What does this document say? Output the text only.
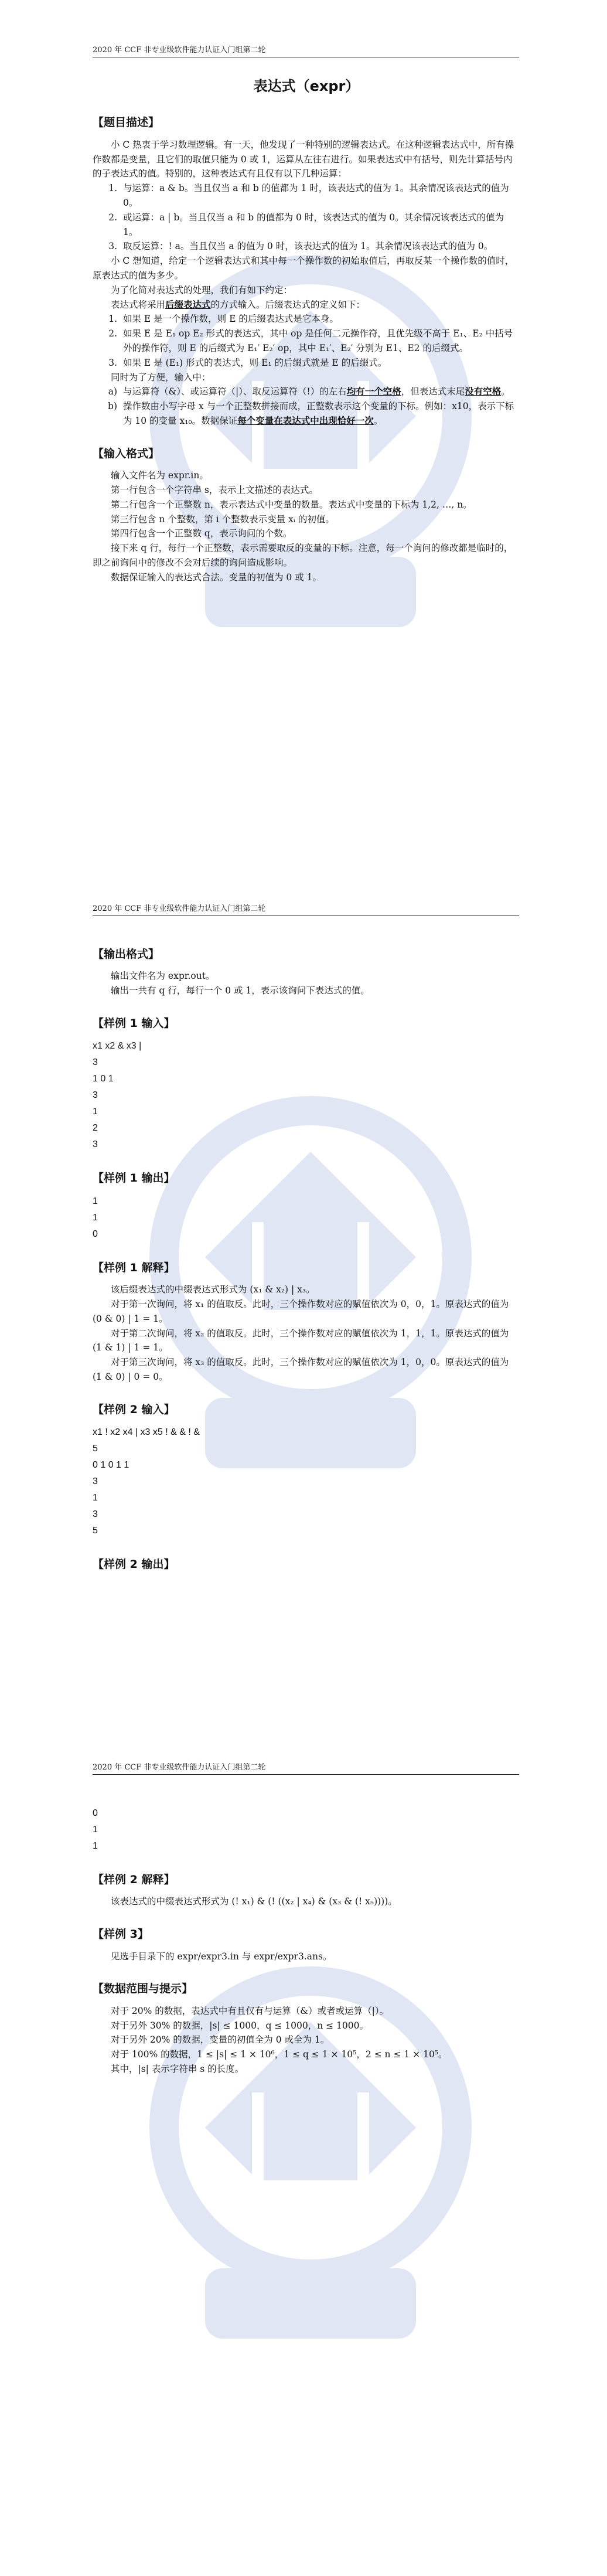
2020 年 CCF 非专业级软件能力认证入门组第二轮
表达式（expr）
【题目描述】

小 C 热衷于学习数理逻辑。有一天，他发现了一种特别的逻辑表达式。在这种逻辑表达式中，所有操作数都是变量，且它们的取值只能为 0 或 1，运算从左往右进行。如果表达式中有括号，则先计算括号内的子表达式的值。特别的，这种表达式有且仅有以下几种运算：

1. 与运算：a & b。当且仅当 a 和 b 的值都为 1 时，该表达式的值为 1。其余情况该表达式的值为 0。
2. 或运算：a | b。当且仅当 a 和 b 的值都为 0 时，该表达式的值为 0。其余情况该表达式的值为 1。
3. 取反运算：! a。当且仅当 a 的值为 0 时，该表达式的值为 1。其余情况该表达式的值为 0。

小 C 想知道，给定一个逻辑表达式和其中每一个操作数的初始取值后，再取反某一个操作数的值时，原表达式的值为多少。

为了化简对表达式的处理，我们有如下约定：

表达式将采用后缀表达式的方式输入。后缀表达式的定义如下：

1. 如果 E 是一个操作数，则 E 的后缀表达式是它本身。
2. 如果 E 是 E₁ op E₂ 形式的表达式，其中 op 是任何二元操作符，且优先级不高于 E₁、E₂ 中括号外的操作符，则 E 的后缀式为 E₁′ E₂′ op，其中 E₁′、E₂′ 分别为 E1、E2 的后缀式。
3. 如果 E 是 (E₁) 形式的表达式，则 E₁ 的后缀式就是 E 的后缀式。

同时为了方便，输入中：

a) 与运算符（&）、或运算符（|）、取反运算符（!）的左右均有一个空格，但表达式末尾没有空格。
b) 操作数由小写字母 x 与一个正整数拼接而成，正整数表示这个变量的下标。例如：x10，表示下标为 10 的变量 x₁₀。数据保证每个变量在表达式中出现恰好一次。
【输入格式】

输入文件名为 expr.in。

第一行包含一个字符串 s，表示上文描述的表达式。

第二行包含一个正整数 n，表示表达式中变量的数量。表达式中变量的下标为 1,2, …, n。

第三行包含 n 个整数，第 i 个整数表示变量 xᵢ 的初值。

第四行包含一个正整数 q，表示询问的个数。

接下来 q 行，每行一个正整数，表示需要取反的变量的下标。注意，每一个询问的修改都是临时的，即之前询问中的修改不会对后续的询问造成影响。

数据保证输入的表达式合法。变量的初值为 0 或 1。

2020 年 CCF 非专业级软件能力认证入门组第二轮
【输出格式】

输出文件名为 expr.out。

输出一共有 q 行，每行一个 0 或 1，表示该询问下表达式的值。

【样例 1 输入】

x1 x2 & x3 |

3

1 0 1

3

1

2

3

【样例 1 输出】

1

1

0

【样例 1 解释】

该后缀表达式的中缀表达式形式为 (x₁ & x₂) | x₃。

对于第一次询问，将 x₁ 的值取反。此时，三个操作数对应的赋值依次为 0，0，1。原表达式的值为 (0 & 0) | 1 = 1。

对于第二次询问，将 x₂ 的值取反。此时，三个操作数对应的赋值依次为 1，1，1。原表达式的值为 (1 & 1) | 1 = 1。

对于第三次询问，将 x₃ 的值取反。此时，三个操作数对应的赋值依次为 1，0，0。原表达式的值为 (1 & 0) | 0 = 0。

【样例 2 输入】

x1 ! x2 x4 | x3 x5 ! & & ! &

5

0 1 0 1 1

3

1

3

5

【样例 2 输出】
2020 年 CCF 非专业级软件能力认证入门组第二轮

0

1

1

【样例 2 解释】

该表达式的中缀表达式形式为 (! x₁) & (! ((x₂ | x₄) & (x₃ & (! x₅))))。

【样例 3】

见选手目录下的 expr/expr3.in 与 expr/expr3.ans。

【数据范围与提示】

对于 20% 的数据，表达式中有且仅有与运算（&）或者或运算（|）。

对于另外 30% 的数据，|s| ≤ 1000，q ≤ 1000，n ≤ 1000。

对于另外 20% 的数据，变量的初值全为 0 或全为 1。

对于 100% 的数据，1 ≤ |s| ≤ 1 × 10⁶，1 ≤ q ≤ 1 × 10⁵，2 ≤ n ≤ 1 × 10⁵。

其中，|s| 表示字符串 s 的长度。
